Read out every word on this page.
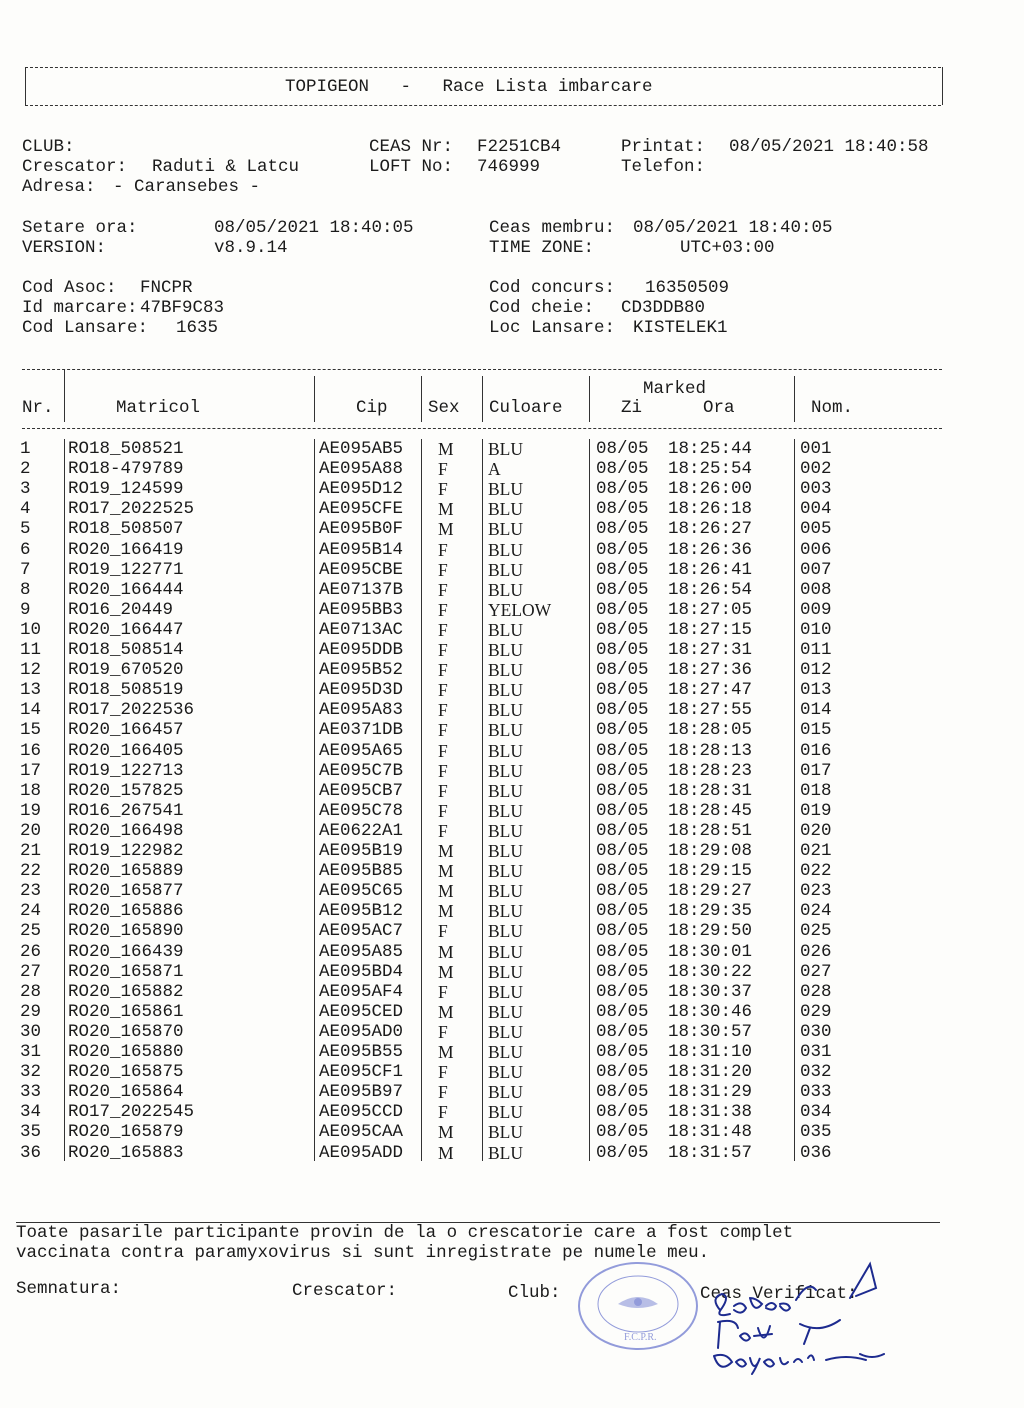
TOPIGEON   -   Race Lista imbarcare
CLUB:
Crescator: Raduti & Latcu
Adresa: - Caransebes -
CEAS Nr: F2251CB4
LOFT No: 746999
Printat: 08/05/2021 18:40:58
Telefon:
Setare ora:	08/05/2021 18:40:05
VERSION:	v8.9.14
Ceas membru: 08/05/2021 18:40:05
TIME ZONE:	UTC+03:00
Cod Asoc: FNCPR
Id marcare: 47BF9C83
Cod Lansare: 1635
Cod concurs: 16350509
Cod cheie: CD3DDB80
Loc Lansare: KISTELEK1
Marked
Nr.	Matricol	Cip Sex Culoare	Zi	Ora	Nom.
1 RO18_508521	AE095AB5 M BLU	08/05 18:25:44	001
2 RO18-479789	AE095A88 F A	08/05 18:25:54	002
3 RO19_124599	AE095D12 F BLU	08/05 18:26:00	003
4 RO17_2022525	AE095CFE M BLU	08/05 18:26:18	004
5 RO18_508507	AE095B0F M BLU	08/05 18:26:27	005
6 RO20_166419	AE095B14 F BLU	08/05 18:26:36	006
7 RO19_122771	AE095CBE F BLU	08/05 18:26:41	007
8 RO20_166444	AE07137B F BLU	08/05 18:26:54	008
9 RO16_20449	AE095BB3 F YELOW	08/05 18:27:05	009
10 RO20_166447	AE0713AC F BLU	08/05 18:27:15	010
11 RO18_508514	AE095DDB F BLU	08/05 18:27:31	011
12 RO19_670520	AE095B52 F BLU	08/05 18:27:36	012
13 RO18_508519	AE095D3D F BLU	08/05 18:27:47	013
14 RO17_2022536	AE095A83 F BLU	08/05 18:27:55	014
15 RO20_166457	AE0371DB F BLU	08/05 18:28:05	015
16 RO20_166405	AE095A65 F BLU	08/05 18:28:13	016
17 RO19_122713	AE095C7B F BLU	08/05 18:28:23	017
18 RO20_157825	AE095CB7 F BLU	08/05 18:28:31	018
19 RO16_267541	AE095C78 F BLU	08/05 18:28:45	019
20 RO20_166498	AE0622A1 F BLU	08/05 18:28:51	020
21 RO19_122982	AE095B19 M BLU	08/05 18:29:08	021
22 RO20_165889	AE095B85 M BLU	08/05 18:29:15	022
23 RO20_165877	AE095C65 M BLU	08/05 18:29:27	023
24 RO20_165886	AE095B12 M BLU	08/05 18:29:35	024
25 RO20_165890	AE095AC7 F BLU	08/05 18:29:50	025
26 RO20_166439	AE095A85 M BLU	08/05 18:30:01	026
27 RO20_165871	AE095BD4 M BLU	08/05 18:30:22	027
28 RO20_165882	AE095AF4 F BLU	08/05 18:30:37	028
29 RO20_165861	AE095CED M BLU	08/05 18:30:46	029
30 RO20_165870	AE095AD0 F BLU	08/05 18:30:57	030
31 RO20_165880	AE095B55 M BLU	08/05 18:31:10	031
32 RO20_165875	AE095CF1 F BLU	08/05 18:31:20	032
33 RO20_165864	AE095B97 F BLU	08/05 18:31:29	033
34 RO17_2022545	AE095CCD F BLU	08/05 18:31:38	034
35 RO20_165879	AE095CAA M BLU	08/05 18:31:48	035
36 RO20_165883	AE095ADD M BLU	08/05 18:31:57	036
Toate pasarile participante provin de la o crescatorie care a fost complet
vaccinata contra paramyxovirus si sunt inregistrate pe numele meu.
Semnatura:	Crescator:	Club:	Ceas Verificat:
F.C.P.R.
